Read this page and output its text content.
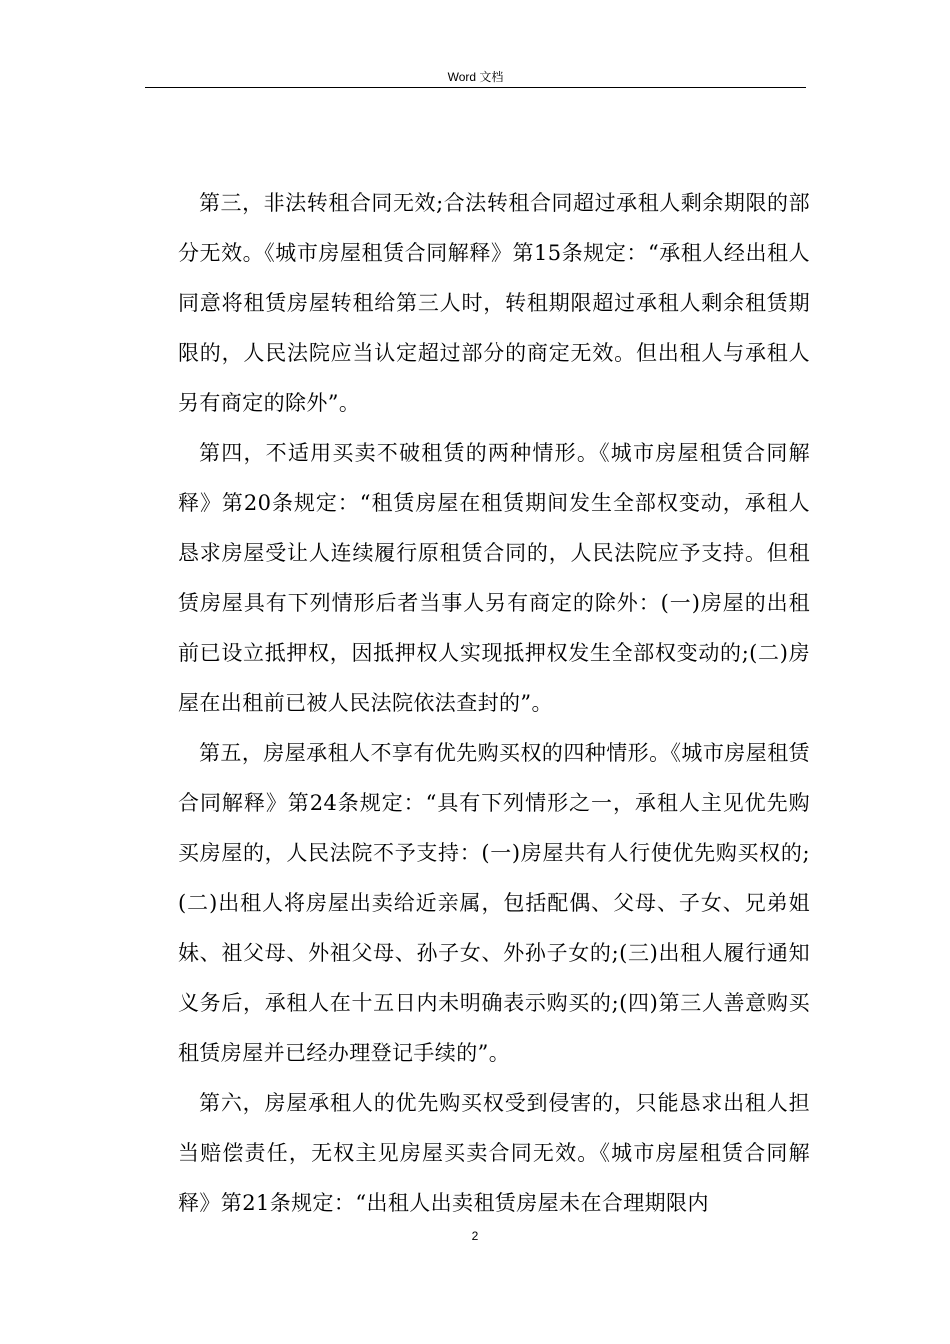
Word 文档

第三，非法转租合同无效;合法转租合同超过承租人剩余期限的部分无效。《城市房屋租赁合同解释》第15条规定：“承租人经出租人同意将租赁房屋转租给第三人时，转租期限超过承租人剩余租赁期限的，人民法院应当认定超过部分的商定无效。但出租人与承租人另有商定的除外”。

第四，不适用买卖不破租赁的两种情形。《城市房屋租赁合同解释》第20条规定：“租赁房屋在租赁期间发生全部权变动，承租人恳求房屋受让人连续履行原租赁合同的，人民法院应予支持。但租赁房屋具有下列情形后者当事人另有商定的除外：(一)房屋的出租前已设立抵押权，因抵押权人实现抵押权发生全部权变动的;(二)房屋在出租前已被人民法院依法查封的”。

第五，房屋承租人不享有优先购买权的四种情形。《城市房屋租赁合同解释》第24条规定：“具有下列情形之一，承租人主见优先购买房屋的，人民法院不予支持：(一)房屋共有人行使优先购买权的;(二)出租人将房屋出卖给近亲属，包括配偶、父母、子女、兄弟姐妹、祖父母、外祖父母、孙子女、外孙子女的;(三)出租人履行通知义务后，承租人在十五日内未明确表示购买的;(四)第三人善意购买租赁房屋并已经办理登记手续的”。

第六，房屋承租人的优先购买权受到侵害的，只能恳求出租人担当赔偿责任，无权主见房屋买卖合同无效。《城市房屋租赁合同解释》第21条规定：“出租人出卖租赁房屋未在合理期限内

2
